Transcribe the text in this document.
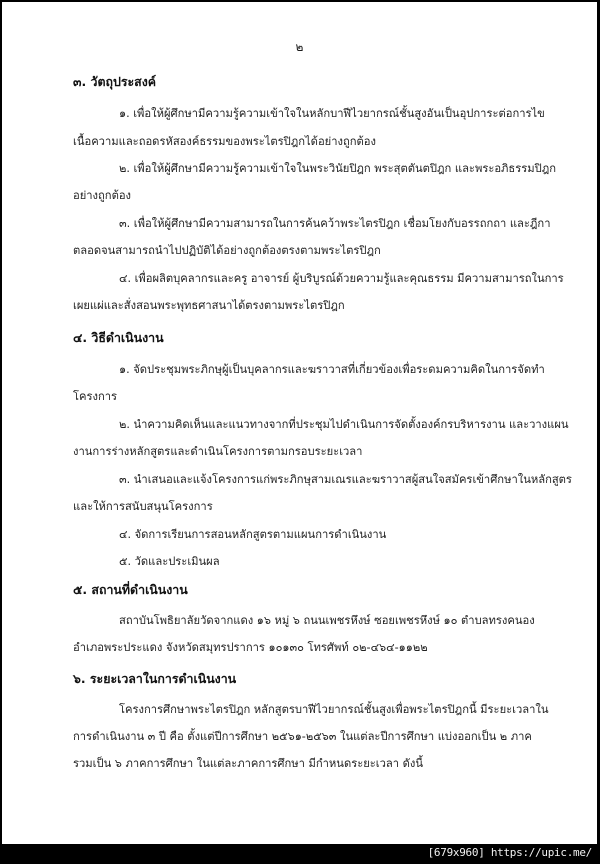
๒
๓. วัตถุประสงค์
๑. เพื่อให้ผู้ศึกษามีความรู้ความเข้าใจในหลักบาฬีไวยากรณ์ชั้นสูงอันเป็นอุปการะต่อการไข
เนื้อความและถอดรหัสองค์ธรรมของพระไตรปิฎกได้อย่างถูกต้อง
๒. เพื่อให้ผู้ศึกษามีความรู้ความเข้าใจในพระวินัยปิฎก พระสุตตันตปิฎก และพระอภิธรรมปิฎก
อย่างถูกต้อง
๓. เพื่อให้ผู้ศึกษามีความสามารถในการค้นคว้าพระไตรปิฎก เชื่อมโยงกับอรรถกถา และฎีกา
ตลอดจนสามารถนำไปปฏิบัติได้อย่างถูกต้องตรงตามพระไตรปิฎก
๔. เพื่อผลิตบุคลากรและครู อาจารย์ ผู้บริบูรณ์ด้วยความรู้และคุณธรรม มีความสามารถในการ
เผยแผ่และสั่งสอนพระพุทธศาสนาได้ตรงตามพระไตรปิฎก
๔. วิธีดำเนินงาน
๑. จัดประชุมพระภิกษุผู้เป็นบุคลากรและฆราวาสที่เกี่ยวข้อง เพื่อระดมความคิดในการจัดทำ
โครงการ
๒. นำความคิดเห็นและแนวทางจากที่ประชุมไปดำเนินการจัดตั้งองค์กรบริหารงาน และวางแผน
งานการร่างหลักสูตรและดำเนินโครงการตามกรอบระยะเวลา
๓. นำเสนอและแจ้งโครงการแก่พระภิกษุสามเณรและฆราวาสผู้สนใจสมัครเข้าศึกษาในหลักสูตร
และให้การสนับสนุนโครงการ
๔. จัดการเรียนการสอนหลักสูตรตามแผนการดำเนินงาน
๕. วัดและประเมินผล
๕. สถานที่ดำเนินงาน
สถาบันโพธิยาลัยวัดจากแดง ๑๖ หมู่ ๖ ถนนเพชรหึงษ์ ซอยเพชรหึงษ์ ๑๐ ตำบลทรงคนอง
อำเภอพระประแดง จังหวัดสมุทรปราการ ๑๐๑๓๐ โทรศัพท์ ๐๒-๔๖๔-๑๑๒๒
๖. ระยะเวลาในการดำเนินงาน
โครงการศึกษาพระไตรปิฎก หลักสูตรบาฬีไวยากรณ์ชั้นสูงเพื่อพระไตรปิฎกนี้ มีระยะเวลาใน
การดำเนินงาน ๓ ปี คือ ตั้งแต่ปีการศึกษา ๒๕๖๑-๒๕๖๓ ในแต่ละปีการศึกษา แบ่งออกเป็น ๒ ภาค
รวมเป็น ๖ ภาคการศึกษา ในแต่ละภาคการศึกษา มีกำหนดระยะเวลา ดังนี้
[679x960] https://upic.me/
